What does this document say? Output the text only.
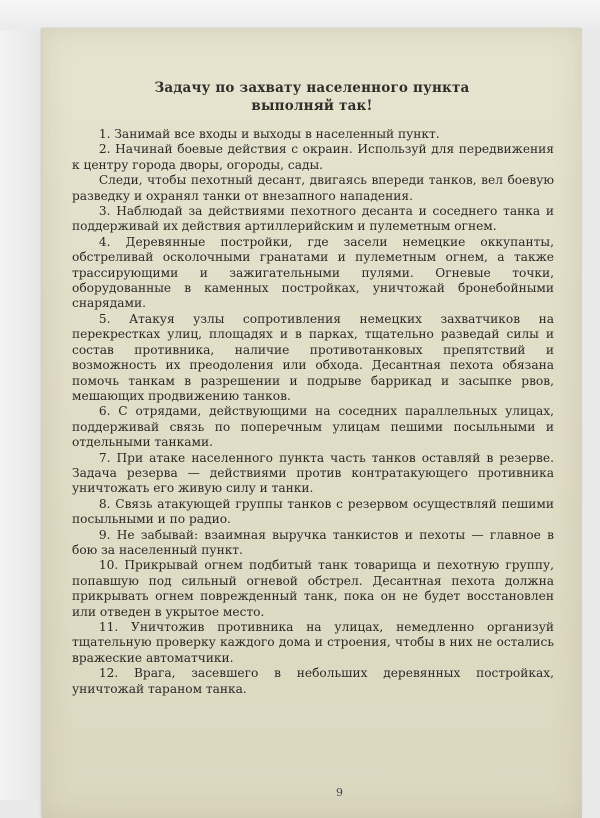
Задачу по захвату населенного пункта
выполняй так!

1. Занимай все входы и выходы в населенный пункт.

2. Начинай боевые действия с окраин. Используй для передвижения к центру города дворы, огороды, сады.

Следи, чтобы пехотный десант, двигаясь впереди танков, вел боевую разведку и охранял танки от внезапного нападения.

3. Наблюдай за действиями пехотного десанта и соседнего танка и поддерживай их действия артиллерийским и пулеметным огнем.

4. Деревянные постройки, где засели немецкие оккупанты, обстреливай осколочными гранатами и пулеметным огнем, а также трассирующими и зажигательными пулями. Огневые точки, оборудованные в каменных постройках, уничтожай бронебойными снарядами.

5. Атакуя узлы сопротивления немецких захватчиков на перекрестках улиц, площадях и в парках, тщательно разведай силы и состав противника, наличие противотанковых препятствий и возможность их преодоления или обхода. Десантная пехота обязана помочь танкам в разрешении и подрыве баррикад и засыпке рвов, мешающих продвижению танков.

6. С отрядами, действующими на соседних параллельных улицах, поддерживай связь по поперечным улицам пешими посыльными и отдельными танками.

7. При атаке населенного пункта часть танков оставляй в резерве. Задача резерва — действиями против контратакующего противника уничтожать его живую силу и танки.

8. Связь атакующей группы танков с резервом осуществляй пешими посыльными и по радио.

9. Не забывай: взаимная выручка танкистов и пехоты — главное в бою за населенный пункт.

10. Прикрывай огнем подбитый танк товарища и пехотную группу, попавшую под сильный огневой обстрел. Десантная пехота должна прикрывать огнем поврежденный танк, пока он не будет восстановлен или отведен в укрытое место.

11. Уничтожив противника на улицах, немедленно организуй тщательную проверку каждого дома и строения, чтобы в них не остались вражеские автоматчики.

12. Врага, засевшего в небольших деревянных постройках, уничтожай тараном танка.

9
